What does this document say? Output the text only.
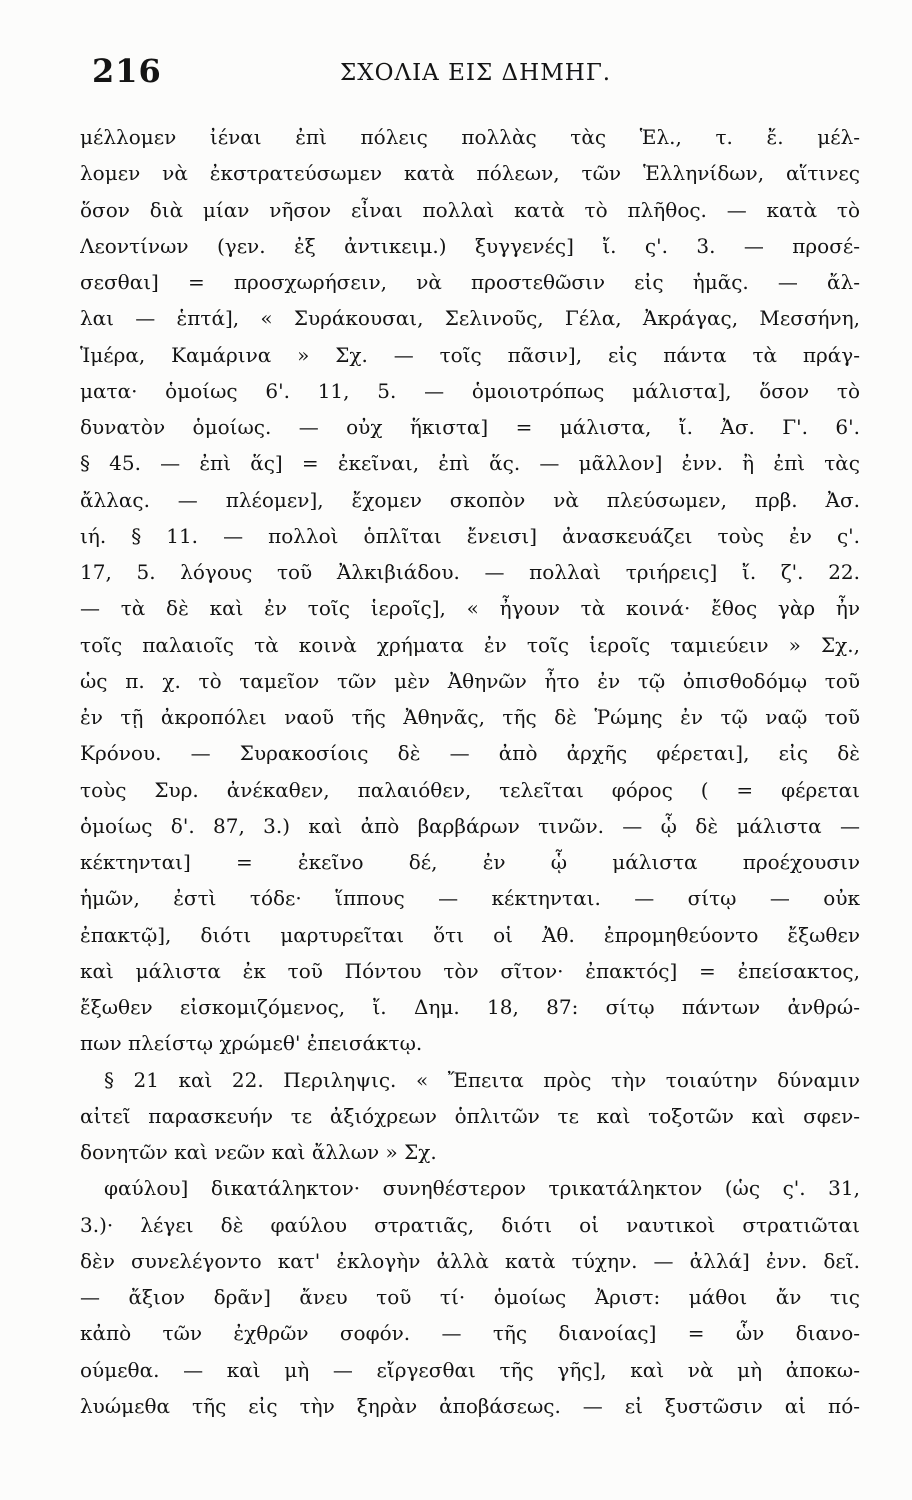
216	ΣΧΟΛΙΑ ΕΙΣ ΔΗΜΗΓ.
μέλλομεν ἰέναι ἐπὶ πόλεις πολλὰς τὰς Ἑλ., τ. ἔ. μέλ-
λομεν νὰ ἐκστρατεύσωμεν κατὰ πόλεων, τῶν Ἑλληνίδων, αἵτινες
ὅσον διὰ μίαν νῆσον εἶναι πολλαὶ κατὰ τὸ πλῆθος. — κατὰ τὸ
Λεοντίνων (γεν. ἐξ ἀντικειμ.) ξυγγενές] ἴ. ς'. 3. — προσέ-
σεσθαι] = προσχωρήσειν, νὰ προστεθῶσιν εἰς ἡμᾶς. — ἄλ-
λαι — ἑπτά], « Συράκουσαι, Σελινοῦς, Γέλα, Ἀκράγας, Μεσσήνη,
Ἱμέρα, Καμάρινα » Σχ. — τοῖς πᾶσιν], εἰς πάντα τὰ πράγ-
ματα· ὁμοίως 6'. 11, 5. — ὁμοιοτρόπως μάλιστα], ὅσον τὸ
δυνατὸν ὁμοίως. — οὐχ ἥκιστα] = μάλιστα, ἴ. Ἀσ. Γ'. 6'.
§ 45. — ἐπὶ ἅς] = ἐκεῖναι, ἐπὶ ἅς. — μᾶλλον] ἐνν. ἢ ἐπὶ τὰς
ἄλλας. — πλέομεν], ἔχομεν σκοπὸν νὰ πλεύσωμεν, πρβ. Ἀσ.
ιή. § 11. — πολλοὶ ὁπλῖται ἔνεισι] ἀνασκευάζει τοὺς ἐν ς'.
17, 5. λόγους τοῦ Ἀλκιβιάδου. — πολλαὶ τριήρεις] ἴ. ζ'. 22.
— τὰ δὲ καὶ ἐν τοῖς ἱεροῖς], « ἦγουν τὰ κοινά· ἔθος γὰρ ἦν
τοῖς παλαιοῖς τὰ κοινὰ χρήματα ἐν τοῖς ἱεροῖς ταμιεύειν » Σχ.,
ὡς π. χ. τὸ ταμεῖον τῶν μὲν Ἀθηνῶν ἦτο ἐν τῷ ὀπισθοδόμῳ τοῦ
ἐν τῇ ἀκροπόλει ναοῦ τῆς Ἀθηνᾶς, τῆς δὲ Ῥώμης ἐν τῷ ναῷ τοῦ
Κρόνου. — Συρακοσίοις δὲ — ἀπὸ ἀρχῆς φέρεται], εἰς δὲ
τοὺς Συρ. ἀνέκαθεν, παλαιόθεν, τελεῖται φόρος ( = φέρεται
ὁμοίως δ'. 87, 3.) καὶ ἀπὸ βαρβάρων τινῶν. — ᾧ δὲ μάλιστα —
κέκτηνται] = ἐκεῖνο δέ, ἐν ᾧ μάλιστα προέχουσιν
ἡμῶν, ἐστὶ τόδε· ἵππους — κέκτηνται. — σίτῳ — οὐκ
ἐπακτῷ], διότι μαρτυρεῖται ὅτι οἱ Ἀθ. ἐπρομηθεύοντο ἔξωθεν
καὶ μάλιστα ἐκ τοῦ Πόντου τὸν σῖτον· ἐπακτός] = ἐπείσακτος,
ἔξωθεν εἰσκομιζόμενος, ἴ. Δημ. 18, 87: σίτῳ πάντων ἀνθρώ-
πων πλείστῳ χρώμεθ' ἐπεισάκτῳ.
§ 21 καὶ 22. Περιληψις. « Ἔπειτα πρὸς τὴν τοιαύτην δύναμιν
αἰτεῖ παρασκευήν τε ἀξιόχρεων ὁπλιτῶν τε καὶ τοξοτῶν καὶ σφεν-
δονητῶν καὶ νεῶν καὶ ἄλλων » Σχ.
φαύλου] δικατάληκτον· συνηθέστερον τρικατάληκτον (ὡς ς'. 31,
3.)· λέγει δὲ φαύλου στρατιᾶς, διότι οἱ ναυτικοὶ στρατιῶται
δὲν συνελέγοντο κατ' ἐκλογὴν ἀλλὰ κατὰ τύχην. — ἀλλά] ἐνν. δεῖ.
— ἄξιον δρᾶν] ἄνευ τοῦ τί· ὁμοίως Ἀριστ: μάθοι ἄν τις
κἀπὸ τῶν ἐχθρῶν σοφόν. — τῆς διανοίας] = ὧν διανο-
ούμεθα. — καὶ μὴ — εἴργεσθαι τῆς γῆς], καὶ νὰ μὴ ἀποκω-
λυώμεθα τῆς εἰς τὴν ξηρὰν ἀποβάσεως. — εἰ ξυστῶσιν αἱ πό-
